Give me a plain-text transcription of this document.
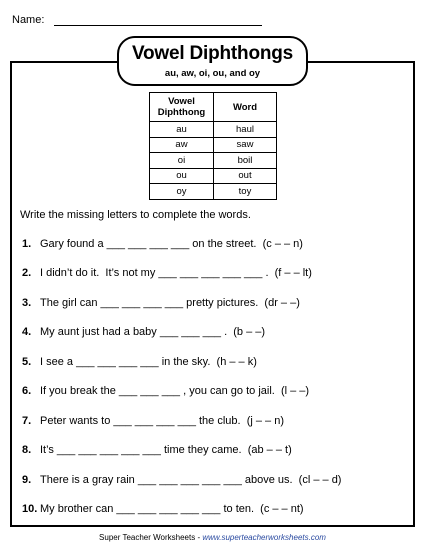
Name:
Vowel Diphthongs
au, aw, oi, ou, and oy
Vowel Diphthong	Word
au	haul
aw	saw
oi	boil
ou	out
oy	toy
Write the missing letters to complete the words.
1. Gary found a ___ ___ ___ ___ on the street.  (c – – n)
2. I didn’t do it.  It’s not my ___ ___ ___ ___ ___ .  (f – – lt)
3. The girl can ___ ___ ___ ___ pretty pictures.  (dr – –)
4. My aunt just had a baby ___ ___ ___ .  (b – –)
5. I see a ___ ___ ___ ___ in the sky.  (h – – k)
6. If you break the ___ ___ ___ , you can go to jail.  (l – –)
7. Peter wants to ___ ___ ___ ___ the club.  (j – – n)
8. It’s ___ ___ ___ ___ ___ time they came.  (ab – – t)
9. There is a gray rain ___ ___ ___ ___ ___ above us.  (cl – – d)
10. My brother can ___ ___ ___ ___ ___ to ten.  (c – – nt)
Super Teacher Worksheets - www.superteacherworksheets.com
